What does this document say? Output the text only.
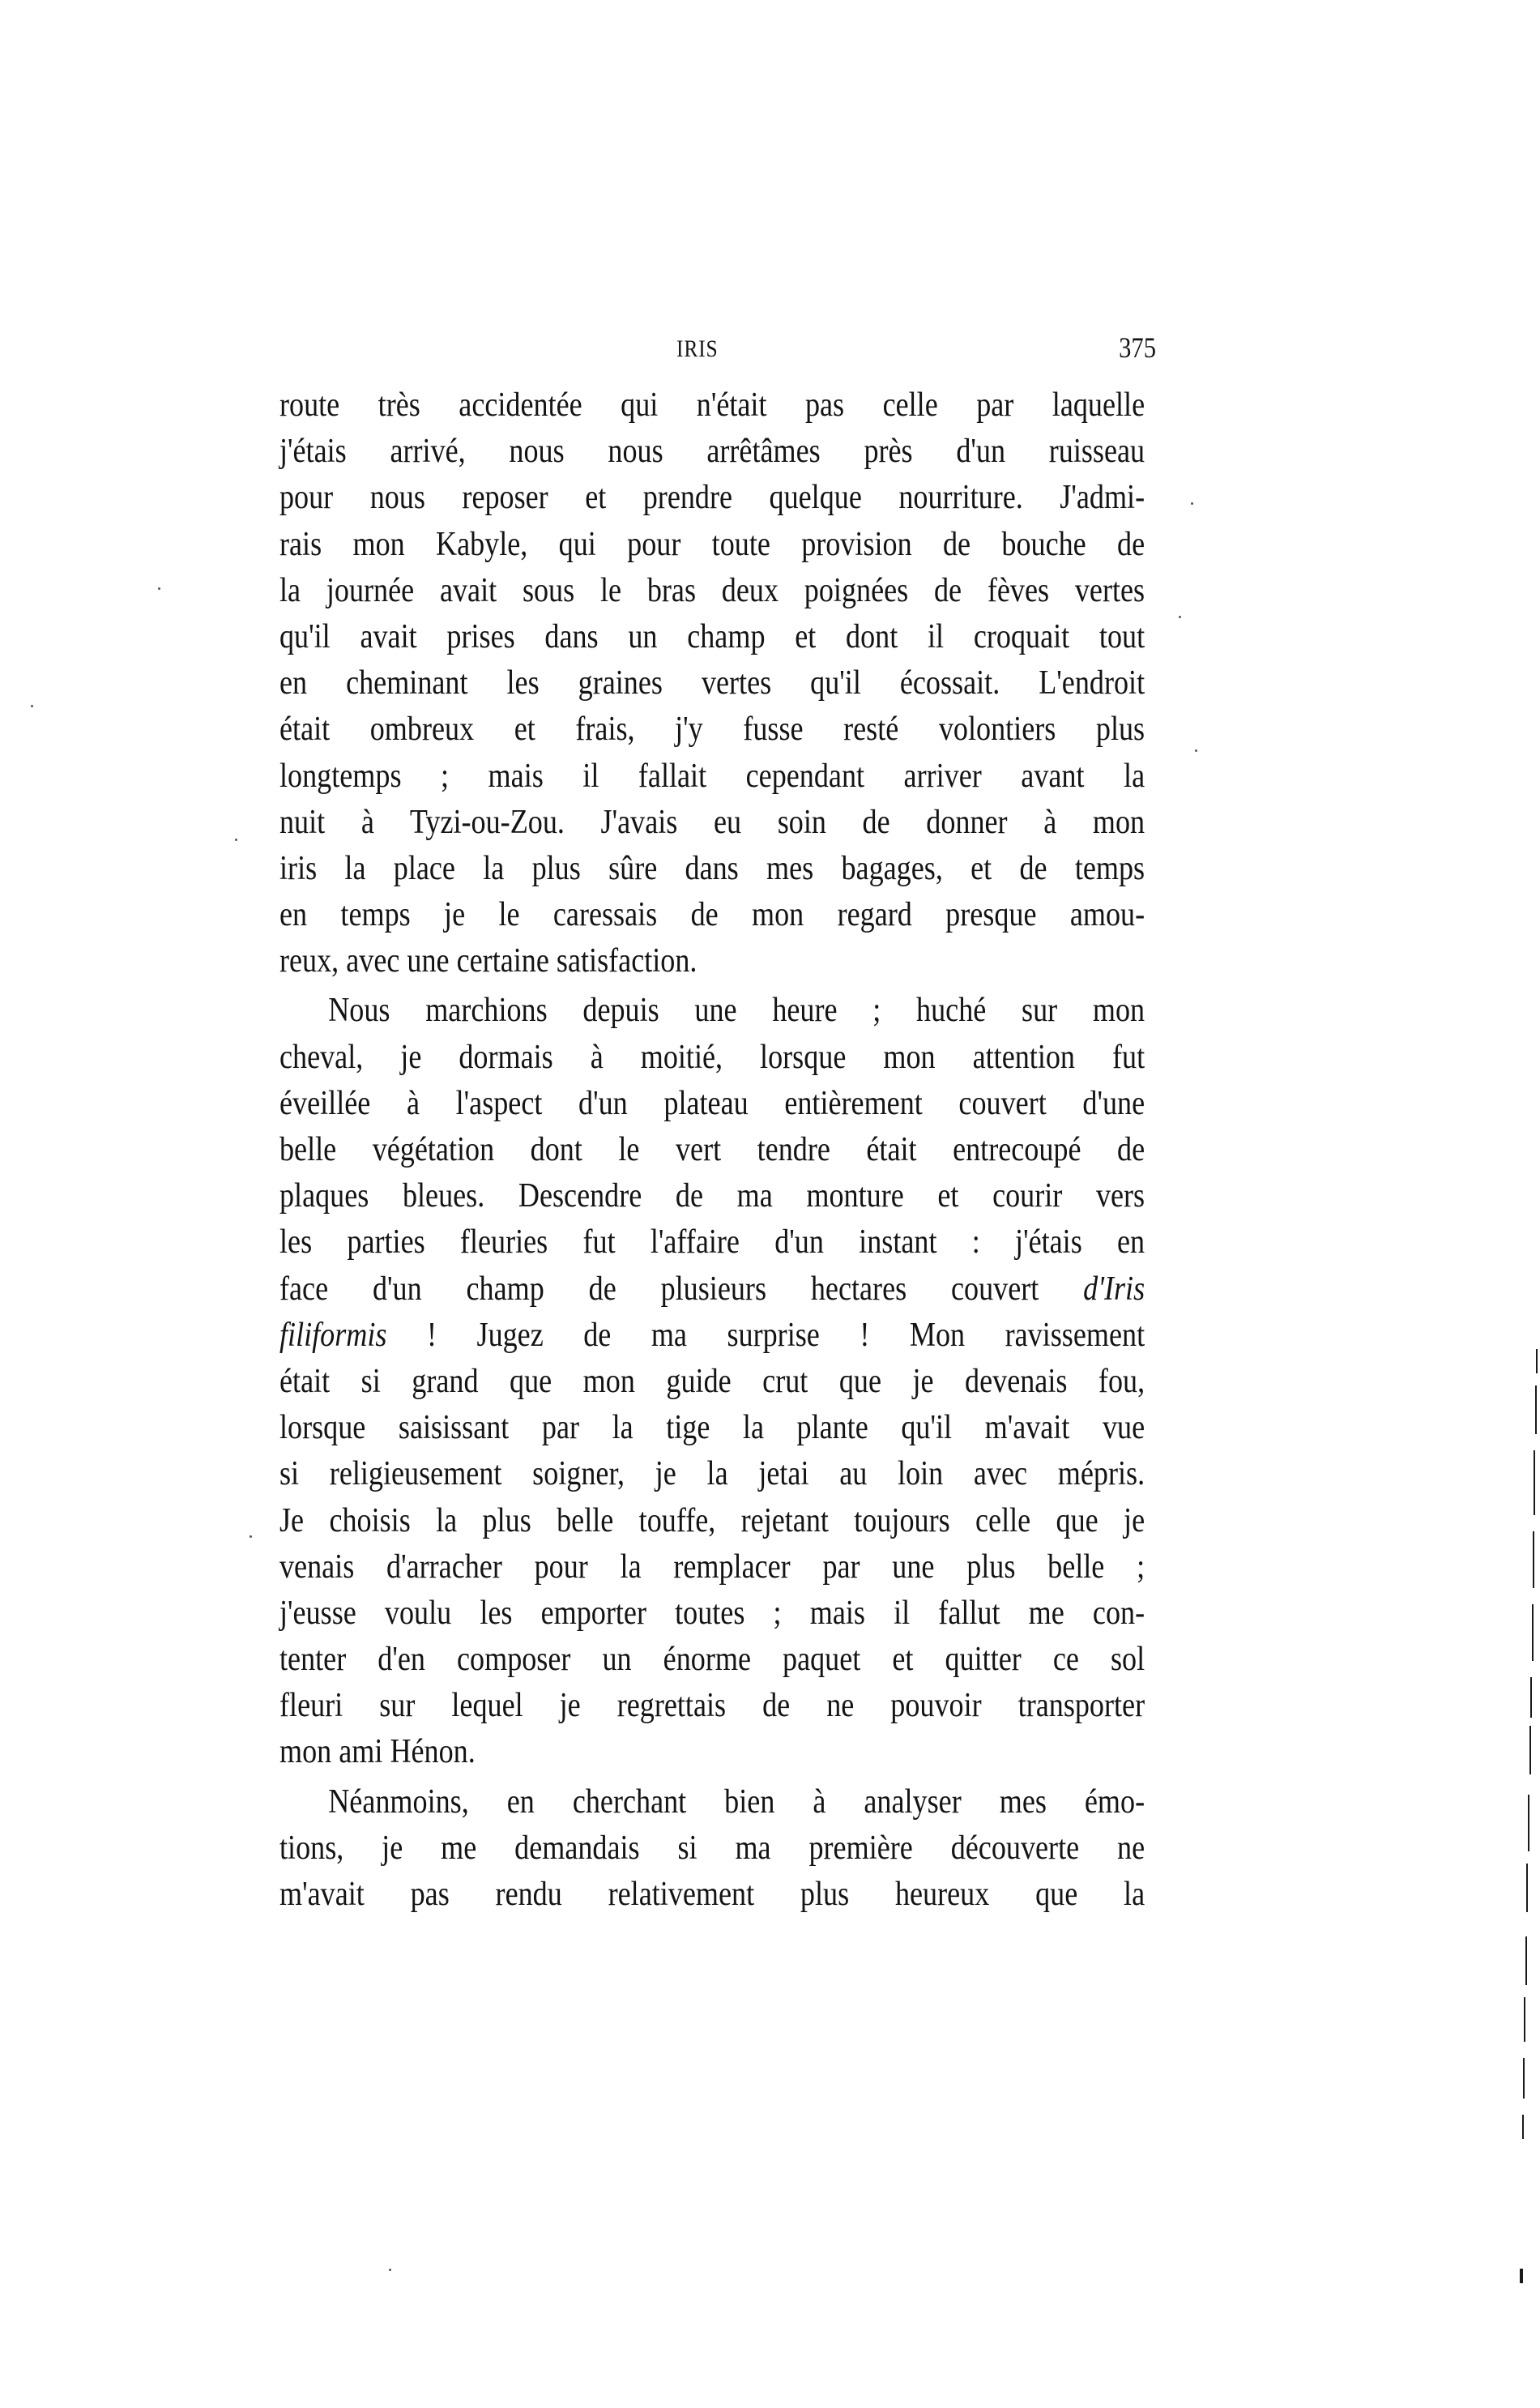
IRIS	375
route très accidentée qui n'était pas celle par laquelle
j'étais arrivé, nous nous arrêtâmes près d'un ruisseau
pour nous reposer et prendre quelque nourriture. J'admi-
rais mon Kabyle, qui pour toute provision de bouche de
la journée avait sous le bras deux poignées de fèves vertes
qu'il avait prises dans un champ et dont il croquait tout
en cheminant les graines vertes qu'il écossait. L'endroit
était ombreux et frais, j'y fusse resté volontiers plus
longtemps ; mais il fallait cependant arriver avant la
nuit à Tyzi-ou-Zou. J'avais eu soin de donner à mon
iris la place la plus sûre dans mes bagages, et de temps
en temps je le caressais de mon regard presque amou-
reux, avec une certaine satisfaction.
Nous marchions depuis une heure ; huché sur mon
cheval, je dormais à moitié, lorsque mon attention fut
éveillée à l'aspect d'un plateau entièrement couvert d'une
belle végétation dont le vert tendre était entrecoupé de
plaques bleues. Descendre de ma monture et courir vers
les parties fleuries fut l'affaire d'un instant : j'étais en
face d'un champ de plusieurs hectares couvert d'Iris
filiformis ! Jugez de ma surprise ! Mon ravissement
était si grand que mon guide crut que je devenais fou,
lorsque saisissant par la tige la plante qu'il m'avait vue
si religieusement soigner, je la jetai au loin avec mépris.
Je choisis la plus belle touffe, rejetant toujours celle que je
venais d'arracher pour la remplacer par une plus belle ;
j'eusse voulu les emporter toutes ; mais il fallut me con-
tenter d'en composer un énorme paquet et quitter ce sol
fleuri sur lequel je regrettais de ne pouvoir transporter
mon ami Hénon.
Néanmoins, en cherchant bien à analyser mes émo-
tions, je me demandais si ma première découverte ne
m'avait pas rendu relativement plus heureux que la
